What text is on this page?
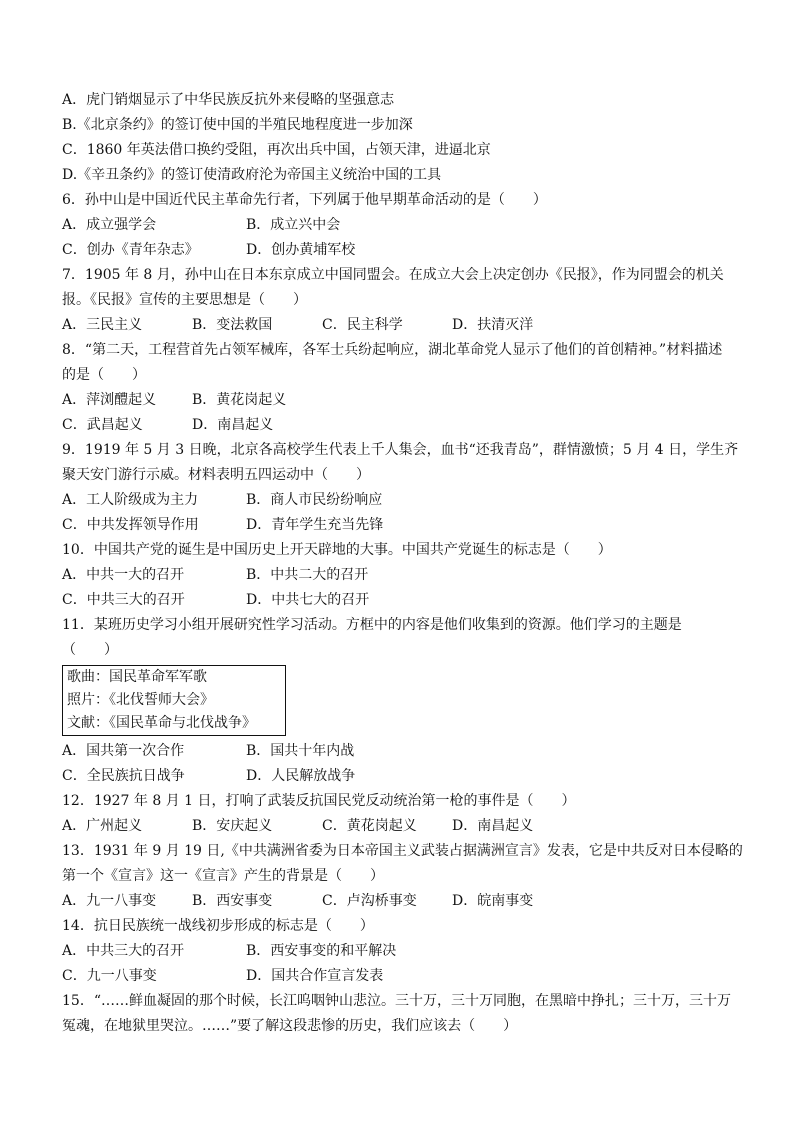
A．虎门销烟显示了中华民族反抗外来侵略的坚强意志
B.《北京条约》的签订使中国的半殖民地程度进一步加深
C．1860 年英法借口换约受阻，再次出兵中国，占领天津，进逼北京
D.《辛丑条约》的签订使清政府沦为帝国主义统治中国的工具
6．孙中山是中国近代民主革命先行者，下列属于他早期革命活动的是（　　）
A．成立强学会	B．成立兴中会
C．创办《青年杂志》	D．创办黄埔军校
7．1905 年 8 月，孙中山在日本东京成立中国同盟会。在成立大会上决定创办《民报》，作为同盟会的机关
报。《民报》宣传的主要思想是（　　）
A．三民主义	B．变法救国	C．民主科学	D．扶清灭洋
8．“第二天，工程营首先占领军械库，各军士兵纷起响应，湖北革命党人显示了他们的首创精神。”材料描述
的是（　　）
A．萍浏醴起义	B．黄花岗起义
C．武昌起义	D．南昌起义
9．1919 年 5 月 3 日晚，北京各高校学生代表上千人集会，血书“还我青岛”，群情激愤；5 月 4 日，学生齐
聚天安门游行示威。材料表明五四运动中（　　）
A．工人阶级成为主力	B．商人市民纷纷响应
C．中共发挥领导作用	D．青年学生充当先锋
10．中国共产党的诞生是中国历史上开天辟地的大事。中国共产党诞生的标志是（　　）
A．中共一大的召开	B．中共二大的召开
C．中共三大的召开	D．中共七大的召开
11．某班历史学习小组开展研究性学习活动。方框中的内容是他们收集到的资源。他们学习的主题是
（　　）
歌曲：国民革命军军歌
照片：《北伐誓师大会》
文献：《国民革命与北伐战争》
A．国共第一次合作	B．国共十年内战
C．全民族抗日战争	D．人民解放战争
12．1927 年 8 月 1 日，打响了武装反抗国民党反动统治第一枪的事件是（　　）
A．广州起义	B．安庆起义	C．黄花岗起义	D．南昌起义
13．1931 年 9 月 19 日,《中共满洲省委为日本帝国主义武装占据满洲宣言》发表，它是中共反对日本侵略的
第一个《宣言》这一《宣言》产生的背景是（　　）
A．九一八事变	B．西安事变	C．卢沟桥事变	D．皖南事变
14．抗日民族统一战线初步形成的标志是（　　）
A．中共三大的召开	B．西安事变的和平解决
C．九一八事变	D．国共合作宣言发表
15．“……鲜血凝固的那个时候，长江呜咽钟山悲泣。三十万，三十万同胞，在黑暗中挣扎；三十万，三十万
冤魂，在地狱里哭泣。……”要了解这段悲惨的历史，我们应该去（　　）
